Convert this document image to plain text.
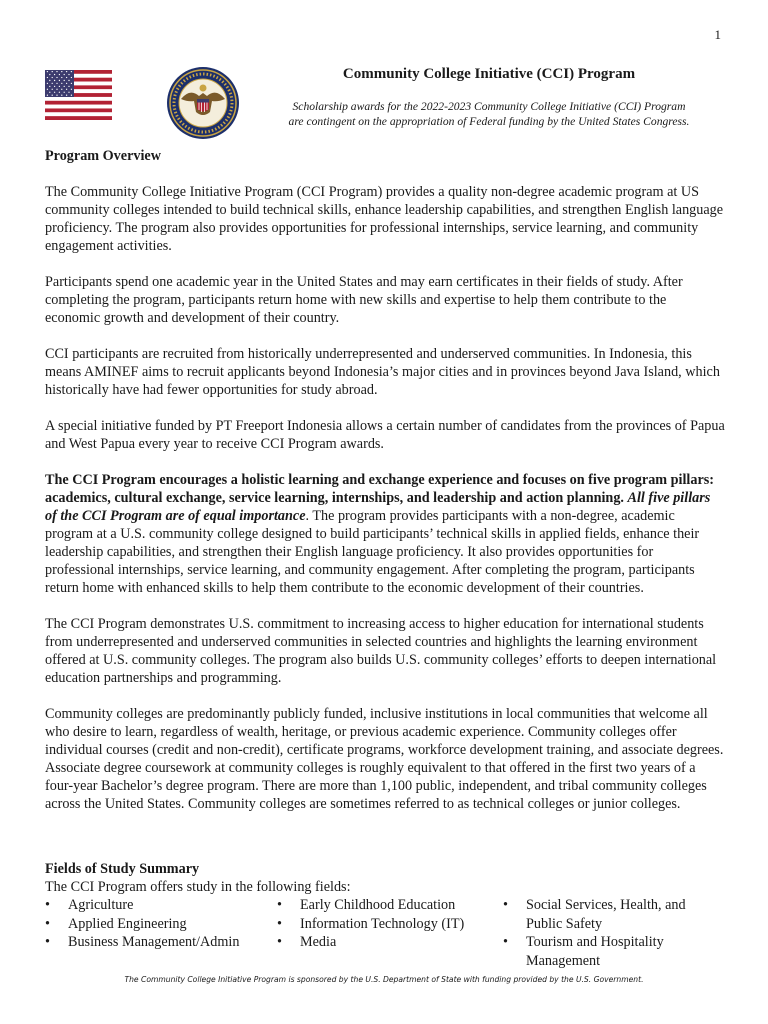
1
Community College Initiative (CCI) Program
Scholarship awards for the 2022-2023 Community College Initiative (CCI) Program
are contingent on the appropriation of Federal funding by the United States Congress.
Program Overview

The Community College Initiative Program (CCI Program) provides a quality non-degree academic program at US community colleges intended to build technical skills, enhance leadership capabilities, and strengthen English language proficiency. The program also provides opportunities for professional internships, service learning, and community engagement activities.

Participants spend one academic year in the United States and may earn certificates in their fields of study. After completing the program, participants return home with new skills and expertise to help them contribute to the economic growth and development of their country.

CCI participants are recruited from historically underrepresented and underserved communities. In Indonesia, this means AMINEF aims to recruit applicants beyond Indonesia’s major cities and in provinces beyond Java Island, which historically have had fewer opportunities for study abroad.

A special initiative funded by PT Freeport Indonesia allows a certain number of candidates from the provinces of Papua and West Papua every year to receive CCI Program awards.

The CCI Program encourages a holistic learning and exchange experience and focuses on five program pillars: academics, cultural exchange, service learning, internships, and leadership and action planning. All five pillars of the CCI Program are of equal importance. The program provides participants with a non-degree, academic program at a U.S. community college designed to build participants’ technical skills in applied fields, enhance their leadership capabilities, and strengthen their English language proficiency. It also provides opportunities for professional internships, service learning, and community engagement. After completing the program, participants return home with enhanced skills to help them contribute to the economic development of their countries.

The CCI Program demonstrates U.S. commitment to increasing access to higher education for international students from underrepresented and underserved communities in selected countries and highlights the learning environment offered at U.S. community colleges. The program also builds U.S. community colleges’ efforts to deepen international education partnerships and programming.

Community colleges are predominantly publicly funded, inclusive institutions in local communities that welcome all who desire to learn, regardless of wealth, heritage, or previous academic experience. Community colleges offer individual courses (credit and non-credit), certificate programs, workforce development training, and associate degrees. Associate degree coursework at community colleges is roughly equivalent to that offered in the first two years of a four-year Bachelor’s degree program. There are more than 1,100 public, independent, and tribal community colleges across the United States. Community colleges are sometimes referred to as technical colleges or junior colleges.

Fields of Study Summary

The CCI Program offers study in the following fields:

• Agriculture
• Applied Engineering
• Business Management/Admin
• Early Childhood Education
• Information Technology (IT)
• Media
• Social Services, Health, and Public Safety
• Tourism and Hospitality Management
The Community College Initiative Program is sponsored by the U.S. Department of State with funding provided by the U.S. Government.
